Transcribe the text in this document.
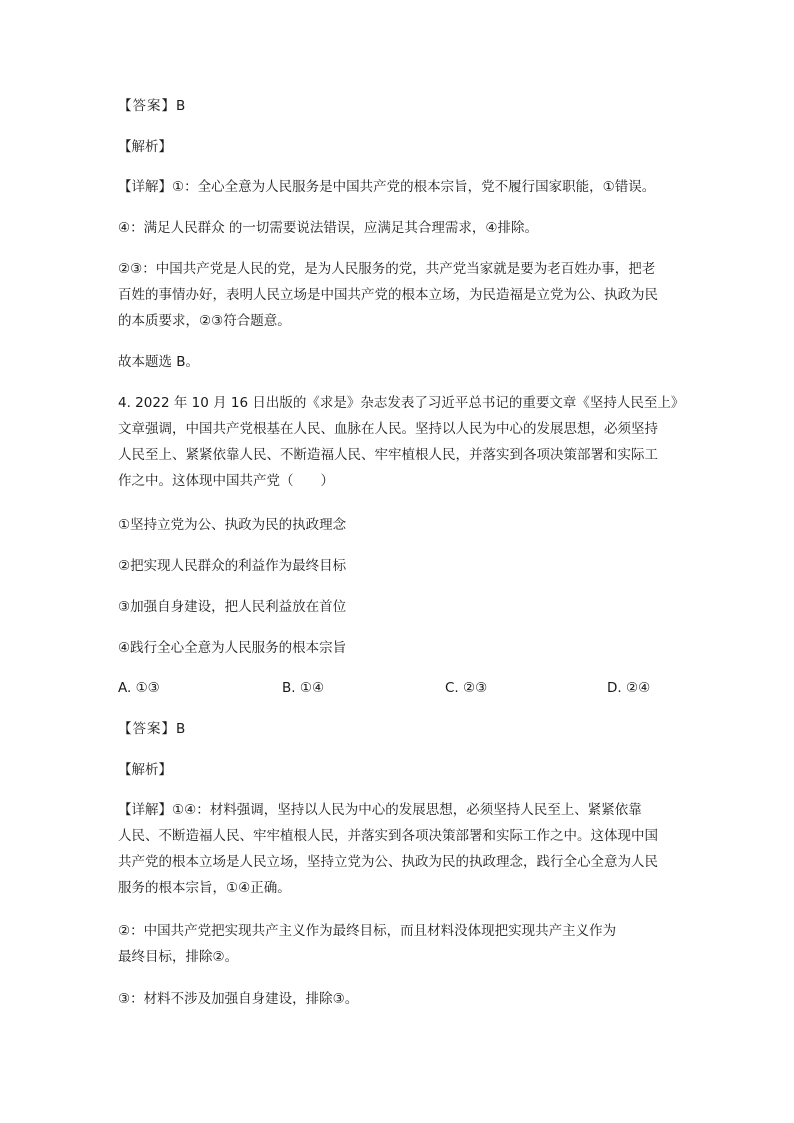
【答案】B
【解析】
【详解】①：全心全意为人民服务是中国共产党的根本宗旨，党不履行国家职能，①错误。
④：满足人民群众 的一切需要说法错误，应满足其合理需求，④排除。
②③：中国共产党是人民的党，是为人民服务的党，共产党当家就是要为老百姓办事，把老
百姓的事情办好，表明人民立场是中国共产党的根本立场，为民造福是立党为公、执政为民
的本质要求，②③符合题意。
故本题选 B。
4. 2022 年 10 月 16 日出版的《求是》杂志发表了习近平总书记的重要文章《坚持人民至上》
文章强调，中国共产党根基在人民、血脉在人民。坚持以人民为中心的发展思想，必须坚持
人民至上、紧紧依靠人民、不断造福人民、牢牢植根人民，并落实到各项决策部署和实际工
作之中。这体现中国共产党（　　）
①坚持立党为公、执政为民的执政理念
②把实现人民群众的利益作为最终目标
③加强自身建设，把人民利益放在首位
④践行全心全意为人民服务的根本宗旨
A. ①③	B. ①④	C. ②③	D. ②④
【答案】B
【解析】
【详解】①④：材料强调，坚持以人民为中心的发展思想，必须坚持人民至上、紧紧依靠
人民、不断造福人民、牢牢植根人民，并落实到各项决策部署和实际工作之中。这体现中国
共产党的根本立场是人民立场，坚持立党为公、执政为民的执政理念，践行全心全意为人民
服务的根本宗旨，①④正确。
②：中国共产党把实现共产主义作为最终目标，而且材料没体现把实现共产主义作为
最终目标，排除②。
③：材料不涉及加强自身建设，排除③。
